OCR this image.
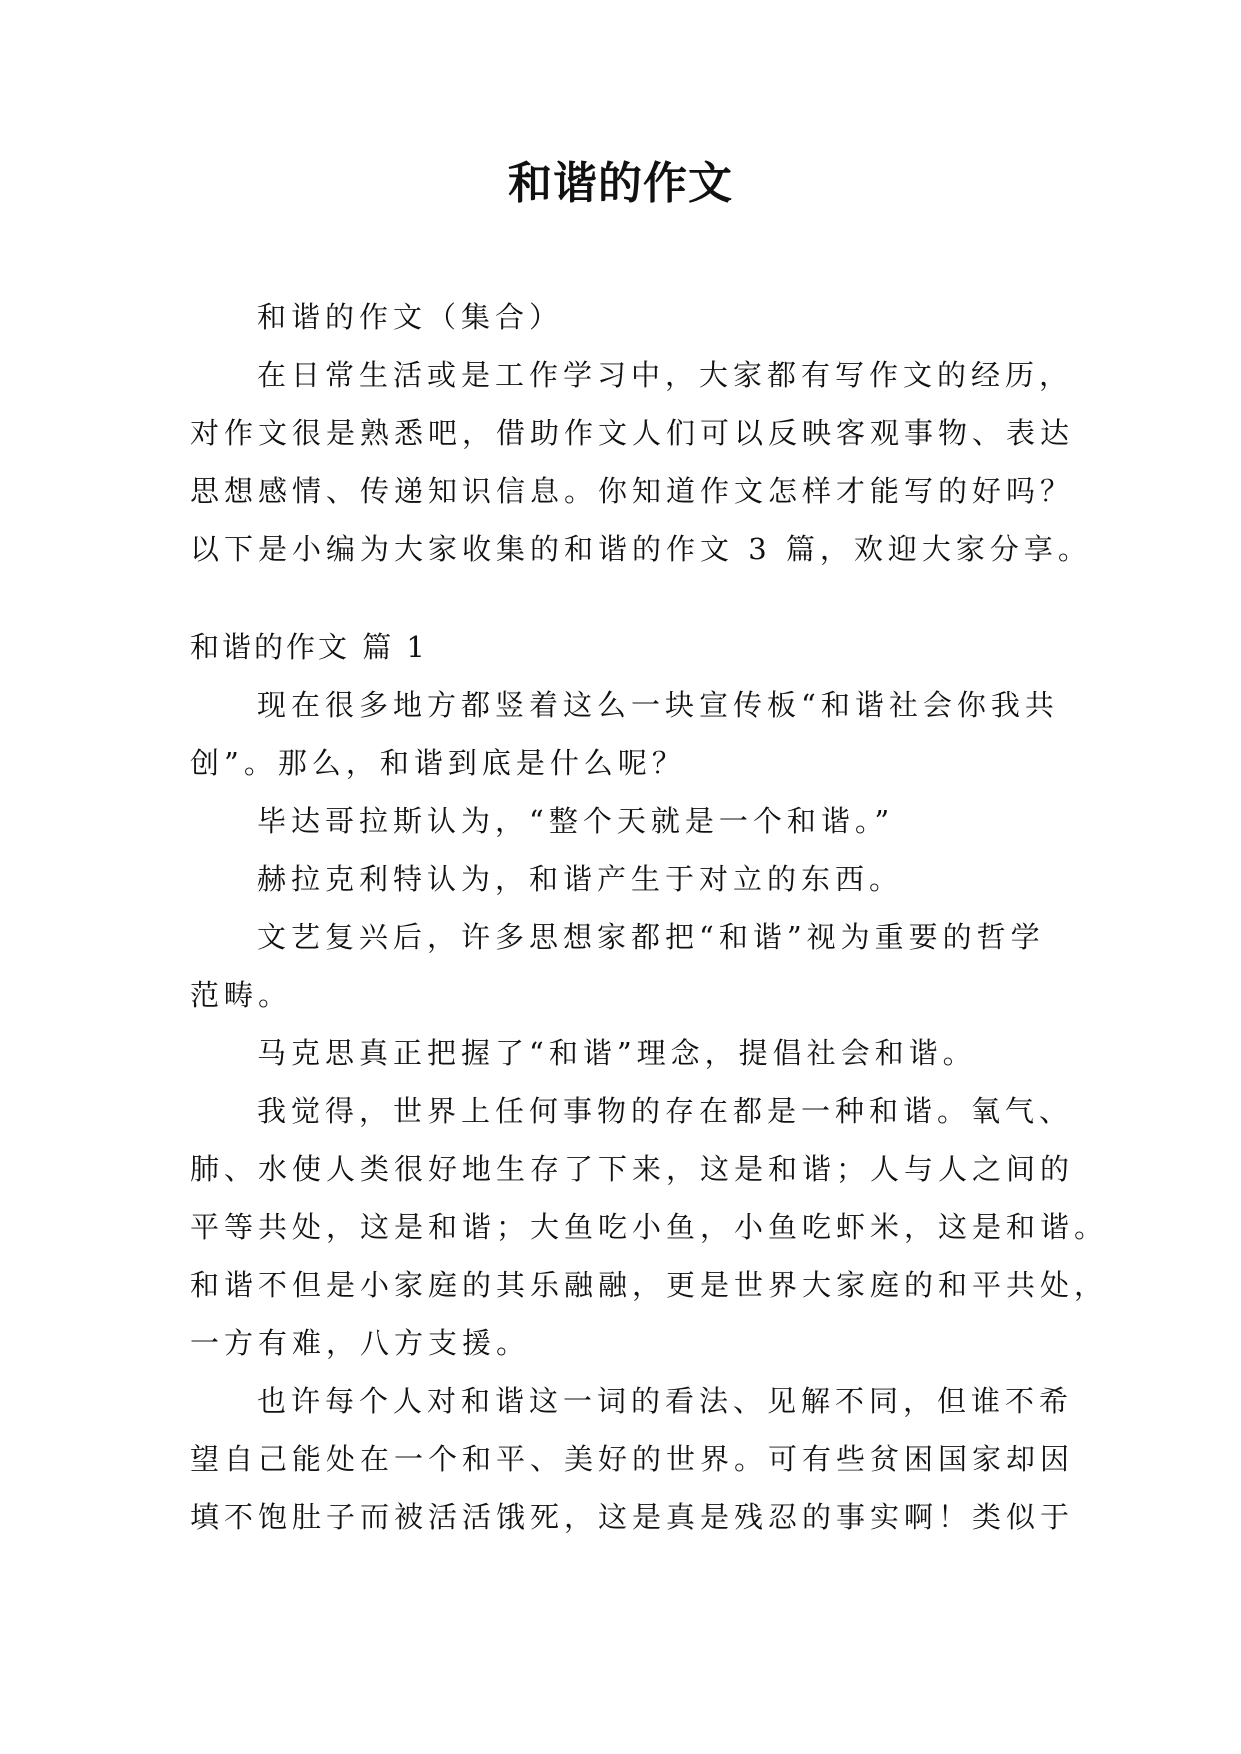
和谐的作文

和谐的作文（集合）

在日常生活或是工作学习中，大家都有写作文的经历，
对作文很是熟悉吧，借助作文人们可以反映客观事物、表达
思想感情、传递知识信息。你知道作文怎样才能写的好吗？
以下是小编为大家收集的和谐的作文 3 篇，欢迎大家分享。

和谐的作文 篇 1

现在很多地方都竖着这么一块宣传板“和谐社会你我共
创”。那么，和谐到底是什么呢？

毕达哥拉斯认为，“整个天就是一个和谐。”

赫拉克利特认为，和谐产生于对立的东西。

文艺复兴后，许多思想家都把“和谐”视为重要的哲学
范畴。

马克思真正把握了“和谐”理念，提倡社会和谐。

我觉得，世界上任何事物的存在都是一种和谐。氧气、
肺、水使人类很好地生存了下来，这是和谐；人与人之间的
平等共处，这是和谐；大鱼吃小鱼，小鱼吃虾米，这是和谐。
和谐不但是小家庭的其乐融融，更是世界大家庭的和平共处，
一方有难，八方支援。

也许每个人对和谐这一词的看法、见解不同，但谁不希
望自己能处在一个和平、美好的世界。可有些贫困国家却因
填不饱肚子而被活活饿死，这是真是残忍的事实啊！类似于
